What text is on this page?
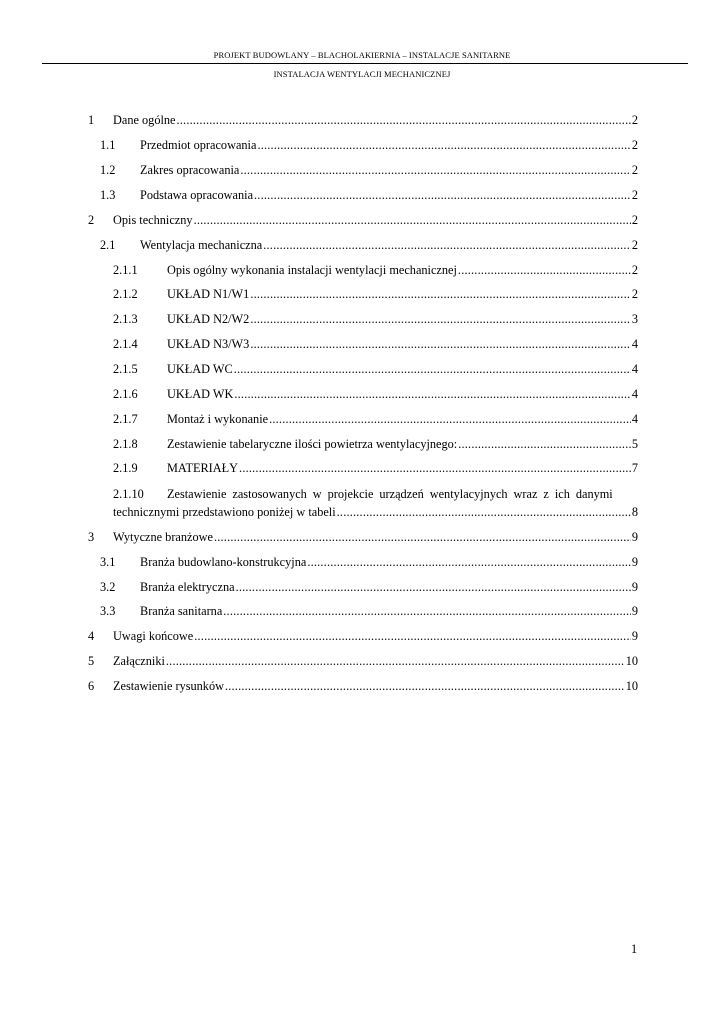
PROJEKT BUDOWLANY – BLACHOLAKIERNIA – INSTALACJE SANITARNE
INSTALACJA WENTYLACJI MECHANICZNEJ
1 Dane ogólne .....	2
1.1 Przedmiot opracowania .....	2
1.2 Zakres opracowania .....	2
1.3 Podstawa opracowania .....	2
2 Opis techniczny .....	2
2.1 Wentylacja mechaniczna .....	2
2.1.1 Opis ogólny wykonania instalacji wentylacji mechanicznej .....	2
2.1.2 UKŁAD N1/W1 .....	2
2.1.3 UKŁAD N2/W2 .....	3
2.1.4 UKŁAD N3/W3 .....	4
2.1.5 UKŁAD WC .....	4
2.1.6 UKŁAD WK .....	4
2.1.7 Montaż i wykonanie .....	4
2.1.8 Zestawienie tabelaryczne ilości powietrza wentylacyjnego: .....	5
2.1.9 MATERIAŁY .....	7
2.1.10 Zestawienie zastosowanych w projekcie urządzeń wentylacyjnych wraz z ich danymi
technicznymi przedstawiono poniżej w tabeli .....	8
3 Wytyczne branżowe .....	9
3.1 Branża budowlano-konstrukcyjna .....	9
3.2 Branża elektryczna .....	9
3.3 Branża sanitarna .....	9
4 Uwagi końcowe .....	9
5 Załączniki .....	10
6 Zestawienie rysunków .....	10
1
